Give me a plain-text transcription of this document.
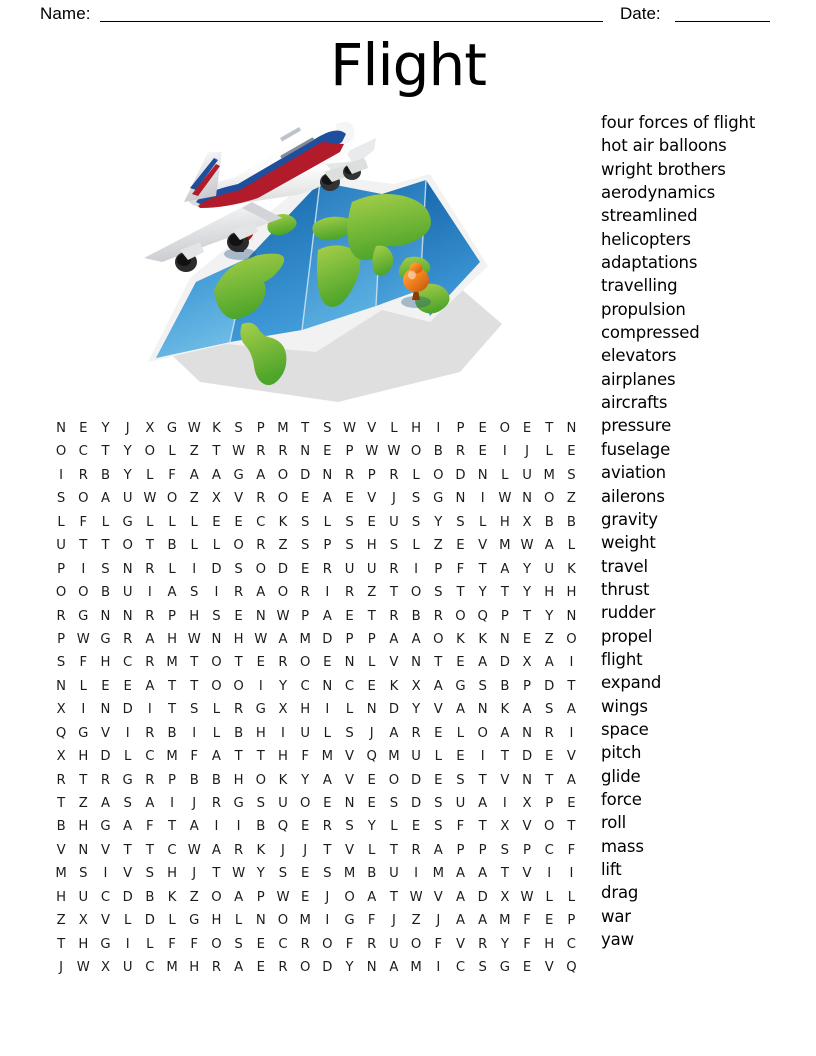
Name:	Date:
Flight
four forces of flight
hot air balloons
wright brothers
aerodynamics
streamlined
helicopters
adaptations
travelling
propulsion
compressed
elevators
airplanes
aircrafts
pressure
fuselage
aviation
ailerons
gravity
weight
travel
thrust
rudder
propel
flight
expand
wings
space
pitch
glide
force
roll
mass
lift
drag
war
yaw
N E Y J X G W K S P M T S W V L H I P E O E T N
O C T Y O L Z T W R R N E P W W O B R E I J L E
I R B Y L F A A G A O D N R P R L O D N L U M S
S O A U W O Z X V R O E A E V J S G N I W N O Z
L F L G L L L E E C K S L S E U S Y S L H X B B
U T T O T B L L O R Z S P S H S L Z E V M W A L
P I S N R L I D S O D E R U U R I P F T A Y U K
O O B U I A S I R A O R I R Z T O S T Y T Y H H
R G N N R P H S E N W P A E T R B R O Q P T Y N
P W G R A H W N H W A M D P P A A O K K N E Z O
S F H C R M T O T E R O E N L V N T E A D X A I
N L E E A T T O O I Y C N C E K X A G S B P D T
X I N D I T S L R G X H I L N D Y V A N K A S A
Q G V I R B I L B H I U L S J A R E L O A N R I
X H D L C M F A T T H F M V Q M U L E I T D E V
R T R G R P B B H O K Y A V E O D E S T V N T A
T Z A S A I J R G S U O E N E S D S U A I X P E
B H G A F T A I I B Q E R S Y L E S F T X V O T
V N V T T C W A R K J J T V L T R A P P S P C F
M S I V S H J T W Y S E S M B U I M A A T V I I
H U C D B K Z O A P W E J O A T W V A D X W L L
Z X V L D L G H L N O M I G F J Z J A A M F E P
T H G I L F F O S E C R O F R U O F V R Y F H C
J W X U C M H R A E R O D Y N A M I C S G E V Q
